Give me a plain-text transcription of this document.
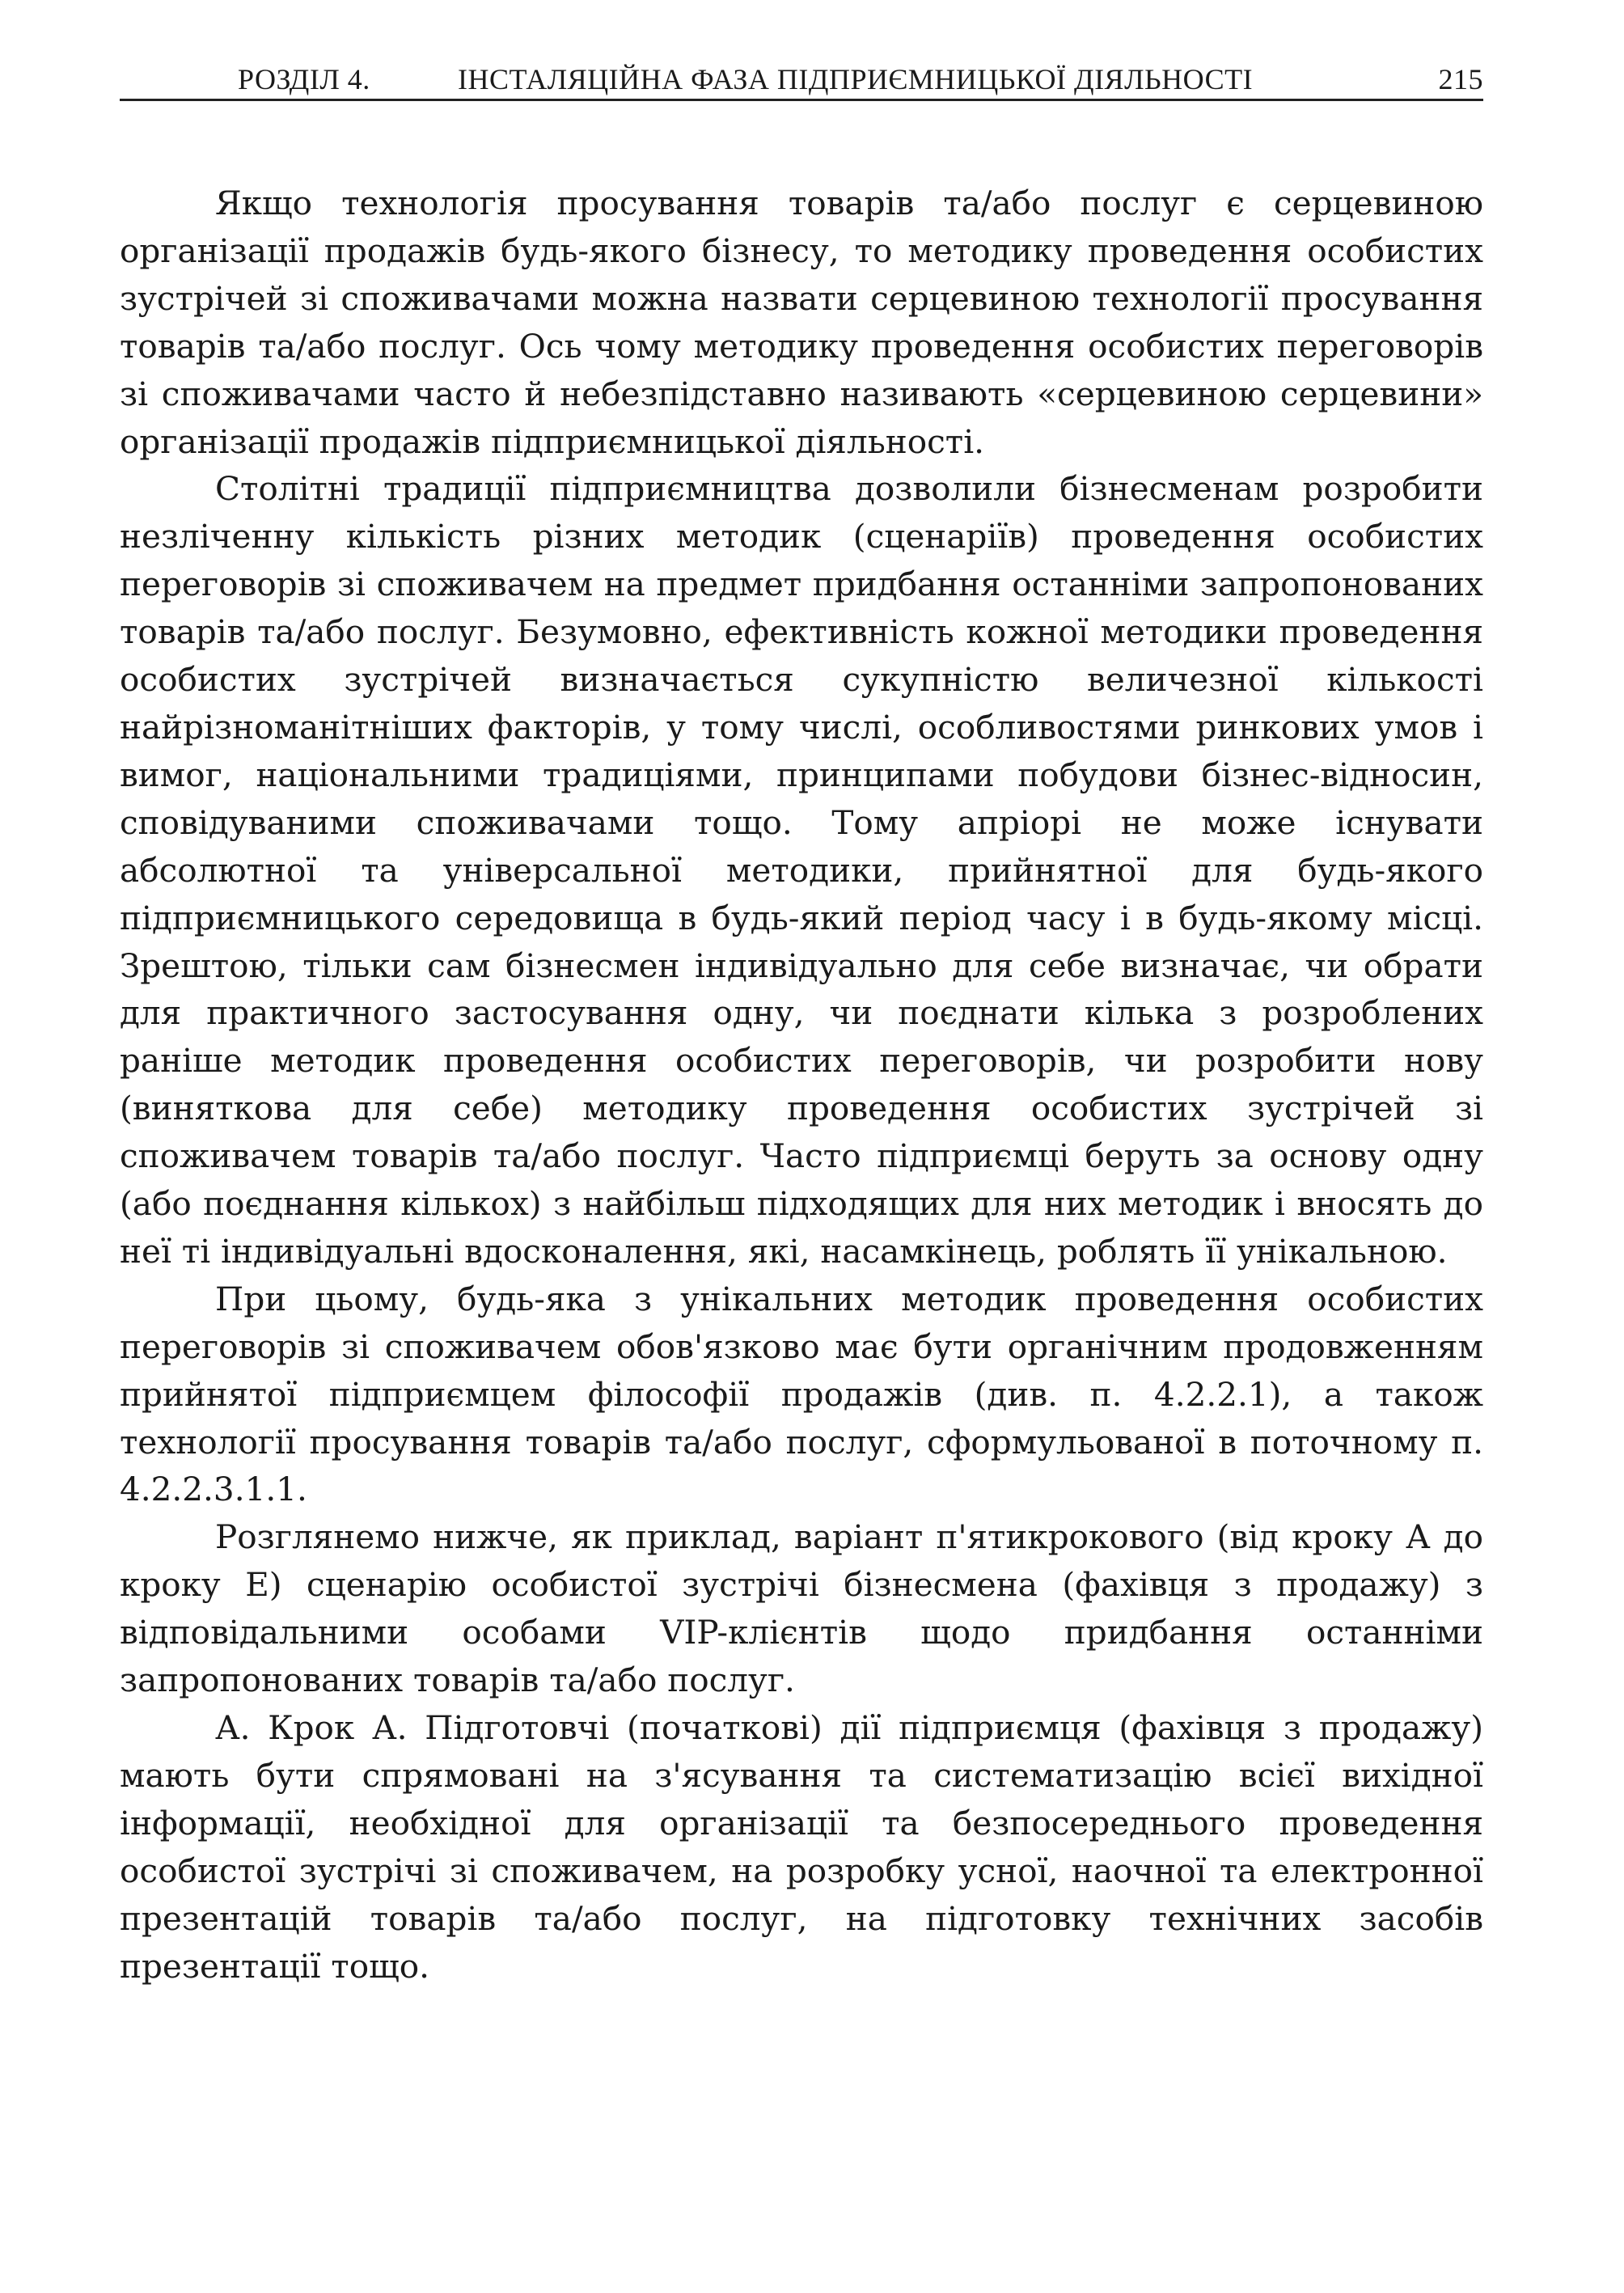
РОЗДІЛ 4.	ІНСТАЛЯЦІЙНА ФАЗА ПІДПРИЄМНИЦЬКОЇ ДІЯЛЬНОСТІ	215

Якщо технологія просування товарів та/або послуг є серцевиною організації продажів будь-якого бізнесу, то методику проведення особистих зустрічей зі споживачами можна назвати серцевиною технології просування товарів та/або послуг. Ось чому методику проведення особистих переговорів зі споживачами часто й небезпідставно називають «серцевиною серцевини» організації продажів підприємницької діяльності.

Столітні традиції підприємництва дозволили бізнесменам розробити незліченну кількість різних методик (сценаріїв) проведення особистих переговорів зі споживачем на предмет придбання останніми запропонованих товарів та/або послуг. Безумовно, ефективність кожної методики проведення особистих зустрічей визначається сукупністю величезної кількості найрізноманітніших факторів, у тому числі, особливостями ринкових умов і вимог, національними традиціями, принципами побудови бізнес-відносин, сповідуваними споживачами тощо. Тому апріорі не може існувати абсолютної та універсальної методики, прийнятної для будь-якого підприємницького середовища в будь-який період часу і в будь-якому місці. Зрештою, тільки сам бізнесмен індивідуально для себе визначає, чи обрати для практичного застосування одну, чи поєднати кілька з розроблених раніше методик проведення особистих переговорів, чи розробити нову (виняткова для себе) методику проведення особистих зустрічей зі споживачем товарів та/або послуг. Часто підприємці беруть за основу одну (або поєднання кількох) з найбільш підходящих для них методик і вносять до неї ті індивідуальні вдосконалення, які, насамкінець, роблять її унікальною.

При цьому, будь-яка з унікальних методик проведення особистих переговорів зі споживачем обов'язково має бути органічним продовженням прийнятої підприємцем філософії продажів (див. п. 4.2.2.1), а також технології просування товарів та/або послуг, сформульованої в поточному п. 4.2.2.3.1.1.

Розглянемо нижче, як приклад, варіант п'ятикрокового (від кроку А до кроку Е) сценарію особистої зустрічі бізнесмена (фахівця з продажу) з відповідальними особами VIP-клієнтів щодо придбання останніми запропонованих товарів та/або послуг.

А. Крок А. Підготовчі (початкові) дії підприємця (фахівця з продажу) мають бути спрямовані на з'ясування та систематизацію всієї вихідної інформації, необхідної для організації та безпосереднього проведення особистої зустрічі зі споживачем, на розробку усної, наочної та електронної презентацій товарів та/або послуг, на підготовку технічних засобів презентації тощо.
